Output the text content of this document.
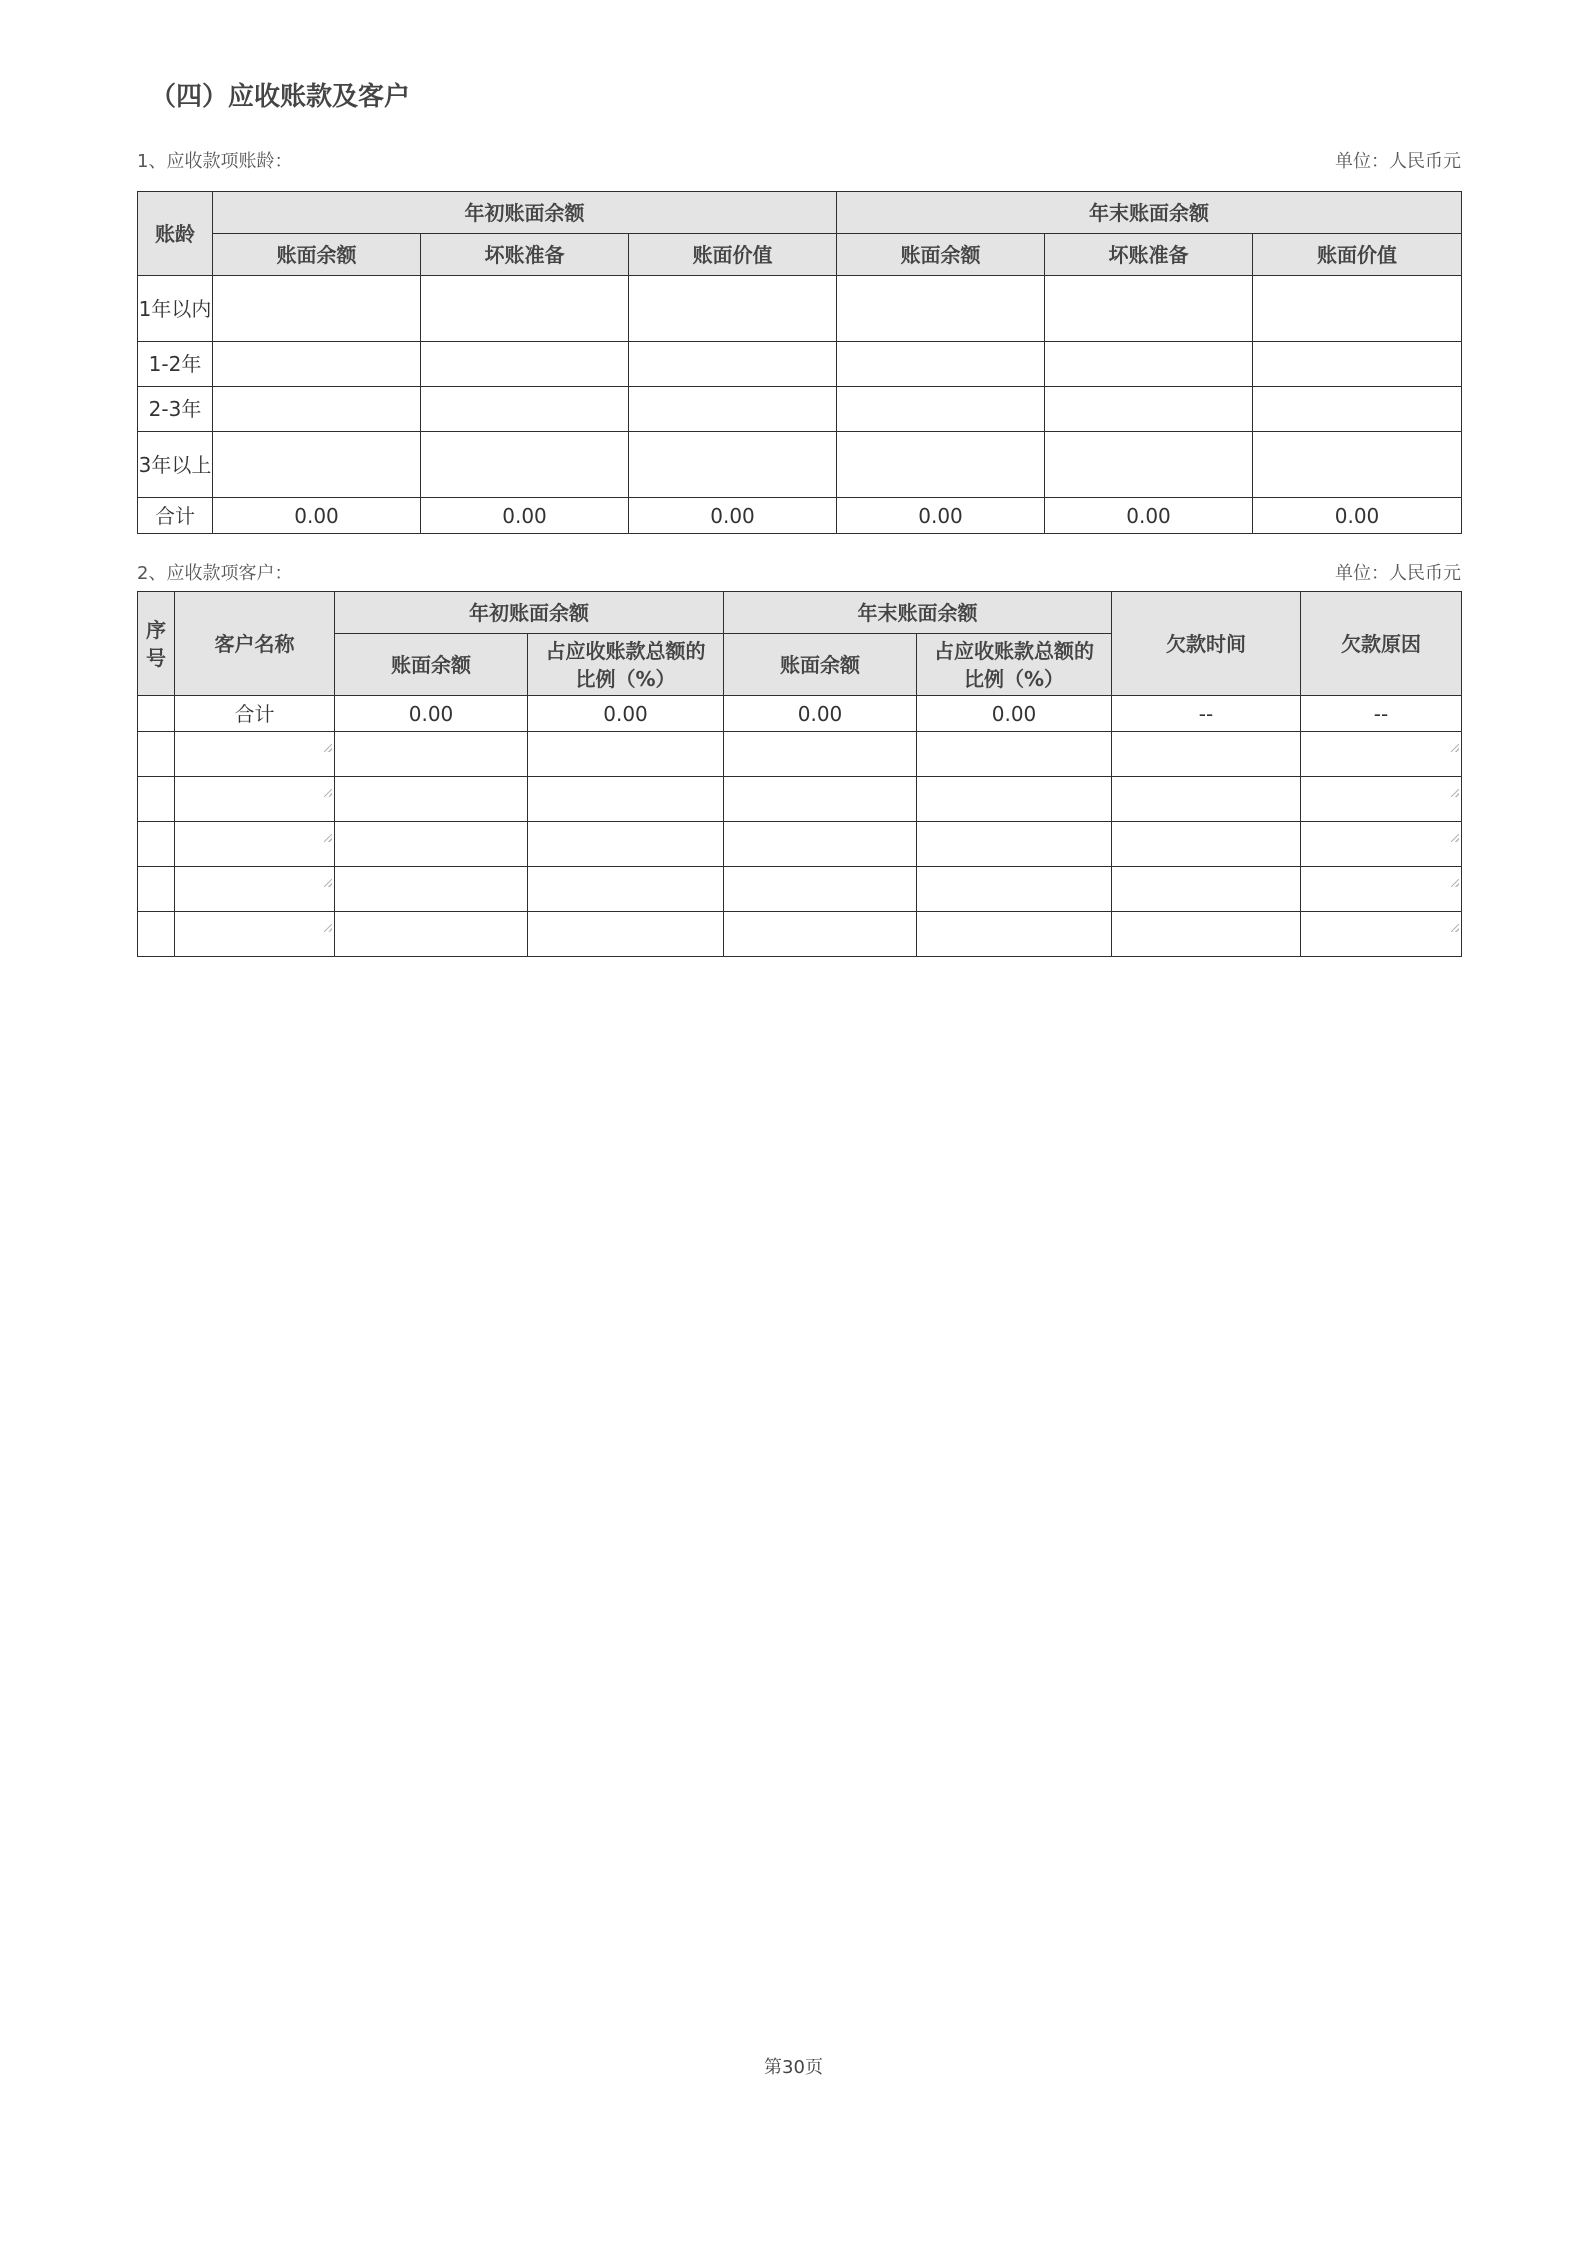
（四）应收账款及客户
1、应收款项账龄：	单位：人民币元
账龄	年初账面余额			年末账面余额		
	账面余额	坏账准备	账面价值	账面余额	坏账准备	账面价值
1年以内						
1-2年						
2-3年						
3年以上						
合计	0.00	0.00	0.00	0.00	0.00	0.00
2、应收款项客户：	单位：人民币元
序号	客户名称	年初账面余额		年末账面余额		欠款时间	欠款原因
		账面余额	占应收账款总额的比例（%）	账面余额	占应收账款总额的比例（%）		
	合计	0.00	0.00	0.00	0.00	--	--

第30页
